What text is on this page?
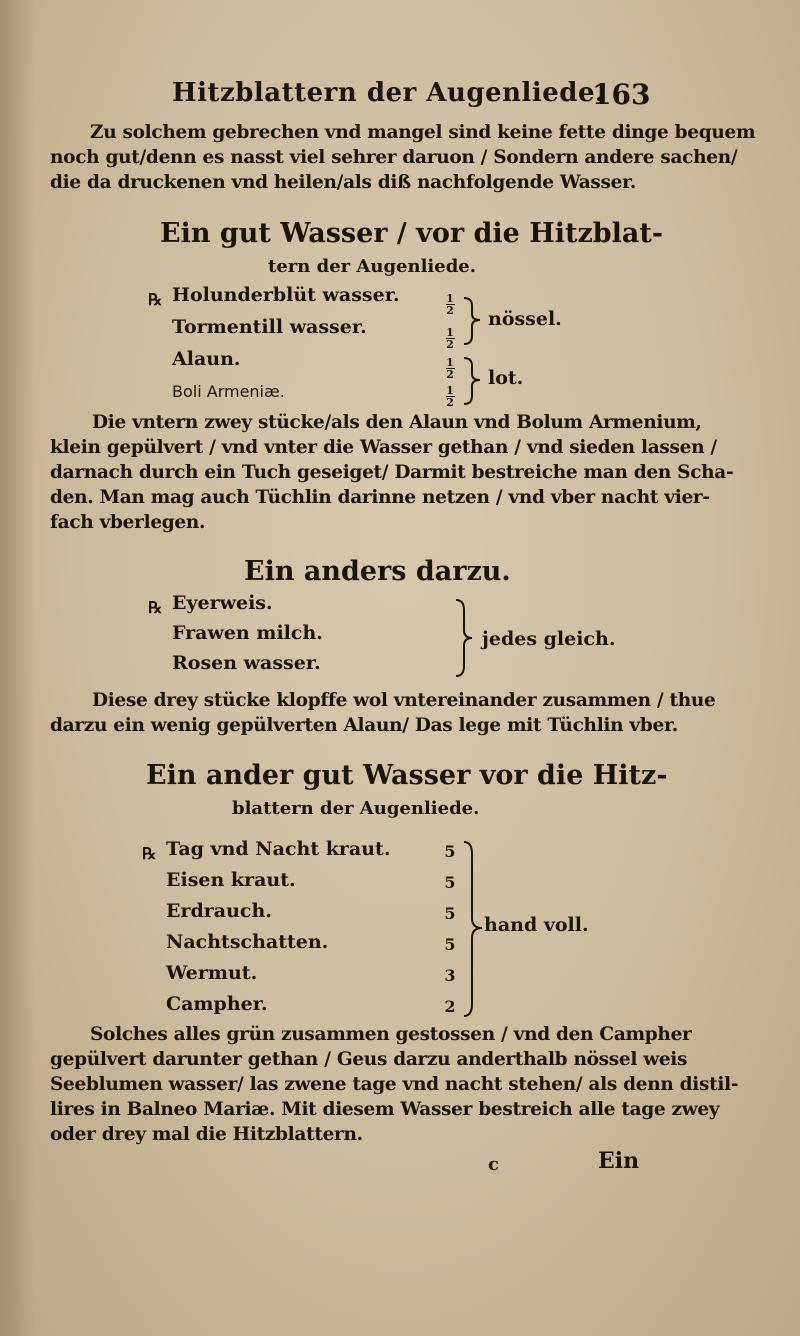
Hitzblattern der Augenliede.
163
Zu solchem gebrechen vnd mangel sind keine fette dinge bequem
noch gut/denn es nasst viel sehrer daruon / Sondern andere sachen/
die da druckenen vnd heilen/als diß nachfolgende Wasser.
Ein gut Wasser / vor die Hitzblat-
tern der Augenliede.
℞ Holunderblüt wasser.
Tormentill wasser.
Alaun.
Boli Armeniæ.
1
2
1
2
1
2
1
2
nössel.
lot.
Die vntern zwey stücke/als den Alaun vnd Bolum Armenium,
klein gepülvert / vnd vnter die Wasser gethan / vnd sieden lassen /
darnach durch ein Tuch geseiget/ Darmit bestreiche man den Scha-
den. Man mag auch Tüchlin darinne netzen / vnd vber nacht vier-
fach vberlegen.
Ein anders darzu.
℞ Eyerweis.
Frawen milch.
Rosen wasser.
jedes gleich.
Diese drey stücke klopffe wol vntereinander zusammen / thue
darzu ein wenig gepülverten Alaun/ Das lege mit Tüchlin vber.
Ein ander gut Wasser vor die Hitz-
blattern der Augenliede.
℞ Tag vnd Nacht kraut.
Eisen kraut.
Erdrauch.
Nachtschatten.
Wermut.
Campher.
5
5
5
5
3
2
hand voll.
Solches alles grün zusammen gestossen / vnd den Campher
gepülvert darunter gethan / Geus darzu anderthalb nössel weis
Seeblumen wasser/ las zwene tage vnd nacht stehen/ als denn distil-
lires in Balneo Mariæ. Mit diesem Wasser bestreich alle tage zwey
oder drey mal die Hitzblattern.
c	Ein
